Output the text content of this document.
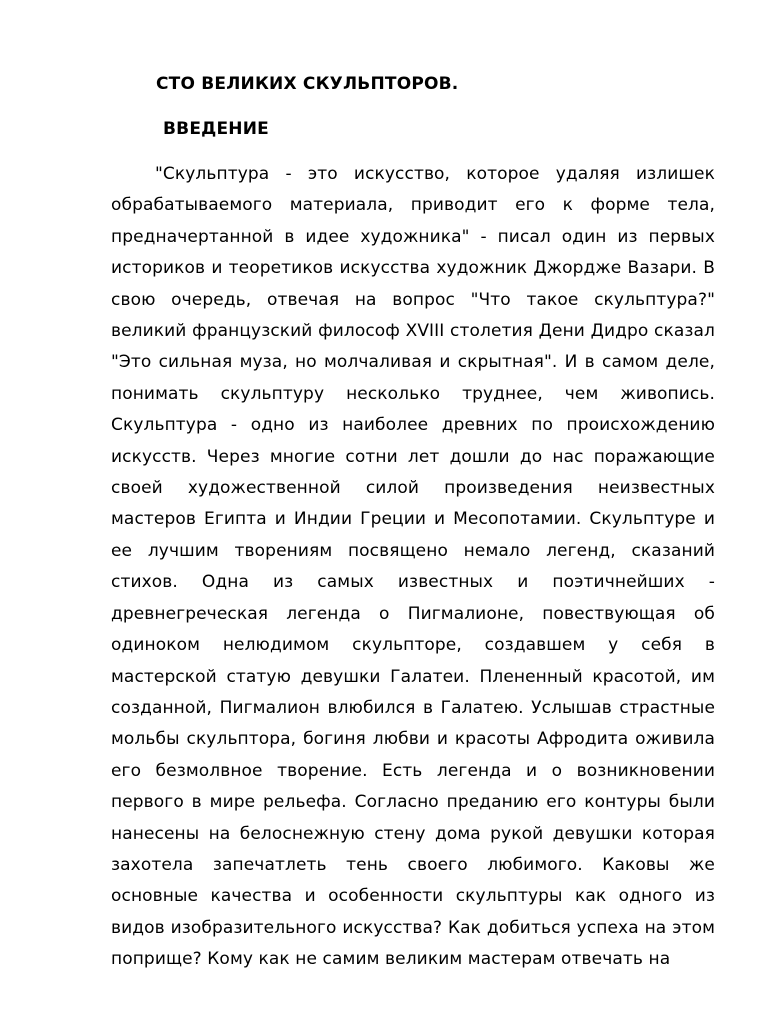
СТО ВЕЛИКИХ СКУЛЬПТОРОВ.
ВВЕДЕНИЕ

"Скульптура - это искусство, которое удаляя излишек обрабатываемого материала, приводит его к форме тела, предначертанной в идее художника" - писал один из первых историков и теоретиков искусства художник Джордже Вазари. В свою очередь, отвечая на вопрос "Что такое скульптура?" великий французский философ XVIII столетия Дени Дидро сказал "Это сильная муза, но молчаливая и скрытная". И в самом деле, понимать скульптуру несколько труднее, чем живопись. Скульптура - одно из наиболее древних по происхождению искусств. Через многие сотни лет дошли до нас поражающие своей художественной силой произведения неизвестных мастеров Египта и Индии Греции и Месопотамии. Скульптуре и ее лучшим творениям посвящено немало легенд, сказаний стихов. Одна из самых известных и поэтичнейших - древнегреческая легенда о Пигмалионе, повествующая об одиноком нелюдимом скульпторе, создавшем у себя в мастерской статую девушки Галатеи. Плененный красотой, им созданной, Пигмалион влюбился в Галатею. Услышав страстные мольбы скульптора, богиня любви и красоты Афродита оживила его безмолвное творение. Есть легенда и о возникновении первого в мире рельефа. Согласно преданию его контуры были нанесены на белоснежную стену дома рукой девушки которая захотела запечатлеть тень своего любимого. Каковы же основные качества и особенности скульптуры как одного из видов изобразительного искусства? Как добиться успеха на этом поприще? Кому как не самим великим мастерам отвечать на
